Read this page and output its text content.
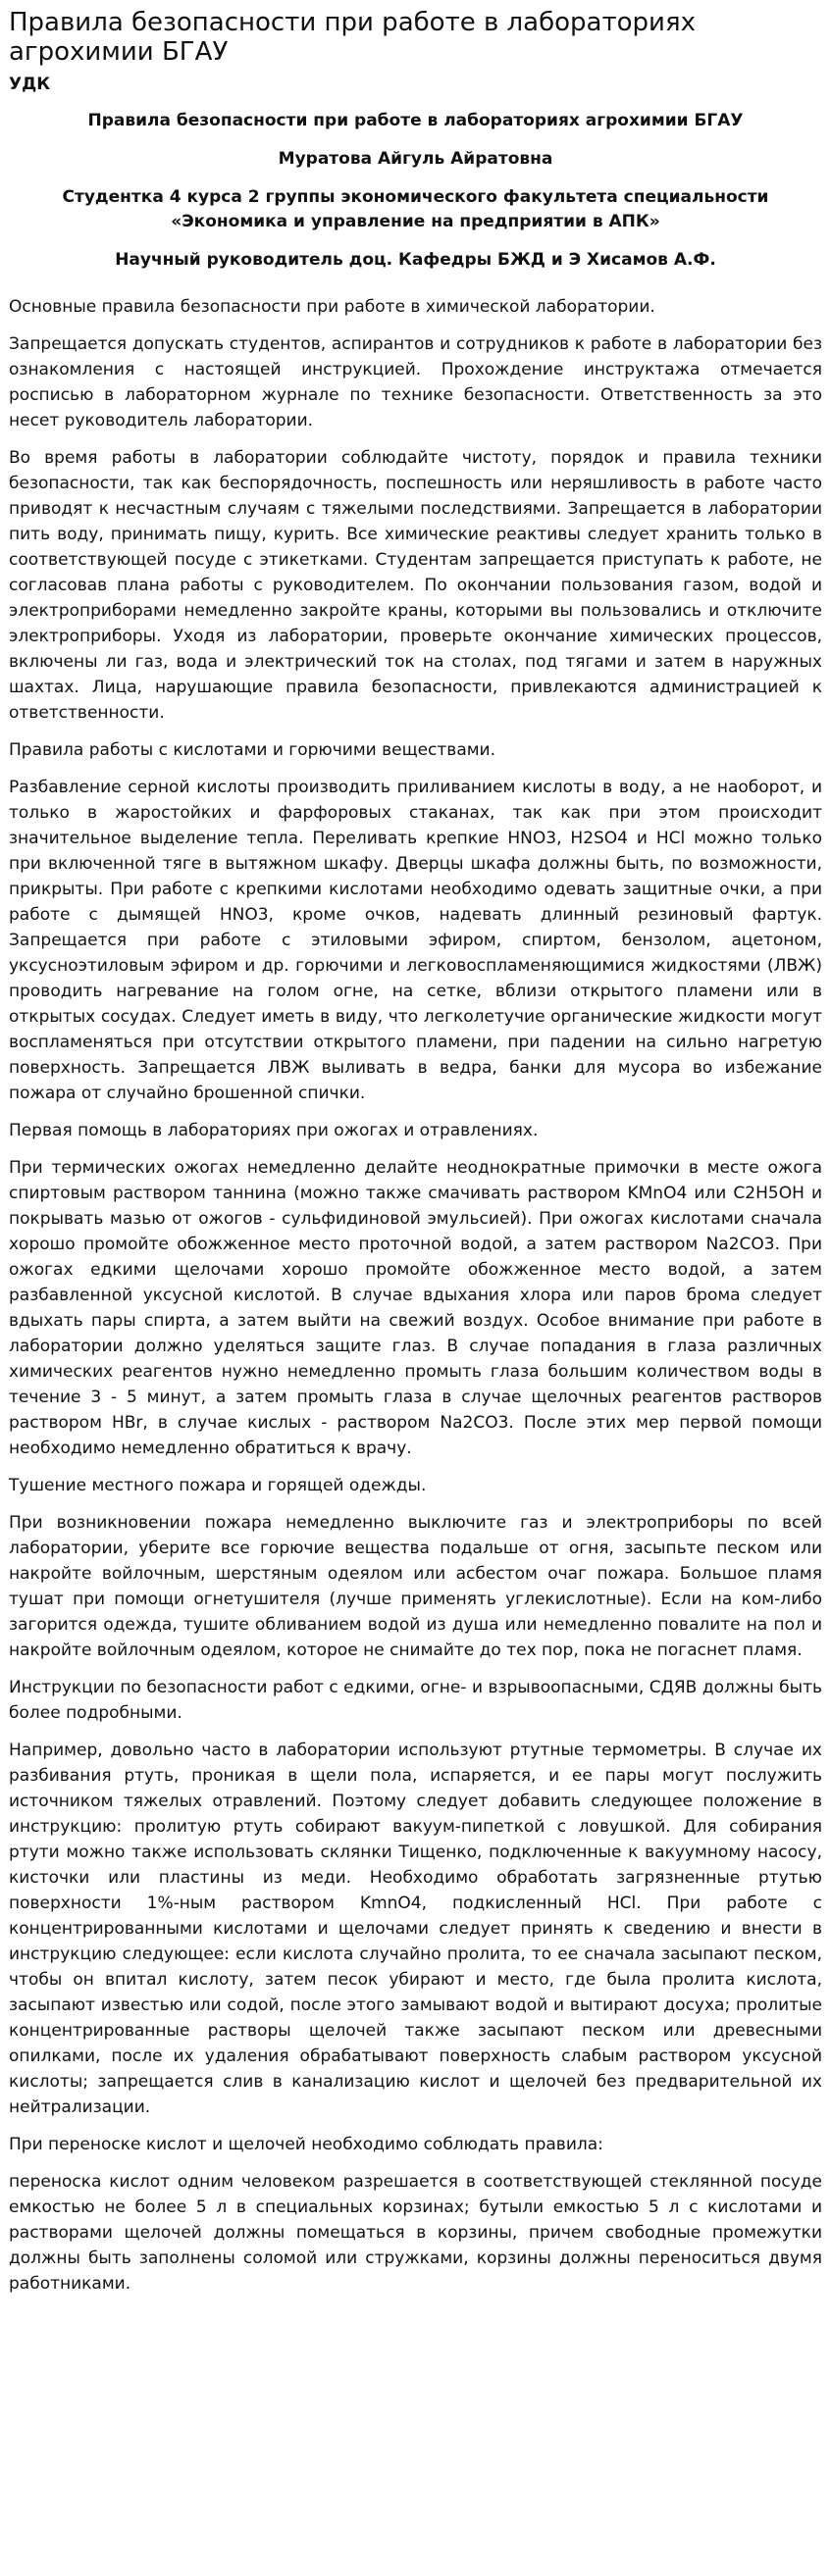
Правила безопасности при работе в лабораториях агрохимии БГАУ
УДК
Правила безопасности при работе в лабораториях агрохимии БГАУ
Муратова Айгуль Айратовна
Студентка 4 курса 2 группы экономического факультета специальности
«Экономика и управление на предприятии в АПК»
Научный руководитель доц. Кафедры БЖД и Э Хисамов А.Ф.

Основные правила безопасности при работе в химической лаборатории.

Запрещается допускать студентов, аспирантов и сотрудников к работе в лаборатории без ознакомления с настоящей инструкцией. Прохождение инструктажа отмечается росписью в лабораторном журнале по технике безопасности. Ответственность за это несет руководитель лаборатории.

Во время работы в лаборатории соблюдайте чистоту, порядок и правила техники безопасности, так как беспорядочность, поспешность или неряшливость в работе часто приводят к несчастным случаям с тяжелыми последствиями. Запрещается в лаборатории пить воду, принимать пищу, курить. Все химические реактивы следует хранить только в соответствующей посуде с этикетками. Студентам запрещается приступать к работе, не согласовав плана работы с руководителем. По окончании пользования газом, водой и электроприборами немедленно закройте краны, которыми вы пользовались и отключите электроприборы. Уходя из лаборатории, проверьте окончание химических процессов, включены ли газ, вода и электрический ток на столах, под тягами и затем в наружных шахтах. Лица, нарушающие правила безопасности, привлекаются администрацией к ответственности.

Правила работы с кислотами и горючими веществами.

Разбавление серной кислоты производить приливанием кислоты в воду, а не наоборот, и только в жаростойких и фарфоровых стаканах, так как при этом происходит значительное выделение тепла. Переливать крепкие HNO3, H2SO4 и HCl можно только при включенной тяге в вытяжном шкафу. Дверцы шкафа должны быть, по возможности, прикрыты. При работе с крепкими кислотами необходимо одевать защитные очки, а при работе с дымящей HNO3, кроме очков, надевать длинный резиновый фартук. Запрещается при работе с этиловыми эфиром, спиртом, бензолом, ацетоном, уксусноэтиловым эфиром и др. горючими и легковоспламеняющимися жидкостями (ЛВЖ) проводить нагревание на голом огне, на сетке, вблизи открытого пламени или в открытых сосудах. Следует иметь в виду, что легколетучие органические жидкости могут воспламеняться при отсутствии открытого пламени, при падении на сильно нагретую поверхность. Запрещается ЛВЖ выливать в ведра, банки для мусора во избежание пожара от случайно брошенной спички.

Первая помощь в лабораториях при ожогах и отравлениях.

При термических ожогах немедленно делайте неоднократные примочки в месте ожога спиртовым раствором таннина (можно также смачивать раствором KMnO4 или C2H5OH и покрывать мазью от ожогов - сульфидиновой эмульсией). При ожогах кислотами сначала хорошо промойте обожженное место проточной водой, а затем раствором Na2CO3. При ожогах едкими щелочами хорошо промойте обожженное место водой, а затем разбавленной уксусной кислотой. В случае вдыхания хлора или паров брома следует вдыхать пары спирта, а затем выйти на свежий воздух. Особое внимание при работе в лаборатории должно уделяться защите глаз. В случае попадания в глаза различных химических реагентов нужно немедленно промыть глаза большим количеством воды в течение 3 - 5 минут, а затем промыть глаза в случае щелочных реагентов растворов раствором НВr, в случае кислых - раствором Na2CO3. После этих мер первой помощи необходимо немедленно обратиться к врачу.

Тушение местного пожара и горящей одежды.

При возникновении пожара немедленно выключите газ и электроприборы по всей лаборатории, уберите все горючие вещества подальше от огня, засыпьте песком или накройте войлочным, шерстяным одеялом или асбестом очаг пожара. Большое пламя тушат при помощи огнетушителя (лучше применять углекислотные). Если на ком-либо загорится одежда, тушите обливанием водой из душа или немедленно повалите на пол и накройте войлочным одеялом, которое не снимайте до тех пор, пока не погаснет пламя.

Инструкции по безопасности работ с едкими, огне- и взрывоопасными, СДЯВ должны быть более подробными.

Например, довольно часто в лаборатории используют ртутные термометры. В случае их разбивания ртуть, проникая в щели пола, испаряется, и ее пары могут послужить источником тяжелых отравлений. Поэтому следует добавить следующее положение в инструкцию: пролитую ртуть собирают вакуум-пипеткой с ловушкой. Для собирания ртути можно также использовать склянки Тищенко, подключенные к вакуумному насосу, кисточки или пластины из меди. Необходимо обработать загрязненные ртутью поверхности 1%-ным раствором KmnO4, подкисленный HCl. При работе с концентрированными кислотами и щелочами следует принять к сведению и внести в инструкцию следующее: если кислота случайно пролита, то ее сначала засыпают песком, чтобы он впитал кислоту, затем песок убирают и место, где была пролита кислота, засыпают известью или содой, после этого замывают водой и вытирают досуха; пролитые концентрированные растворы щелочей также засыпают песком или древесными опилками, после их удаления обрабатывают поверхность слабым раствором уксусной кислоты; запрещается слив в канализацию кислот и щелочей без предварительной их нейтрализации.

При переноске кислот и щелочей необходимо соблюдать правила:

переноска кислот одним человеком разрешается в соответствующей стеклянной посуде емкостью не более 5 л в специальных корзинах; бутыли емкостью 5 л с кислотами и растворами щелочей должны помещаться в корзины, причем свободные промежутки должны быть заполнены соломой или стружками, корзины должны переноситься двумя работниками.
